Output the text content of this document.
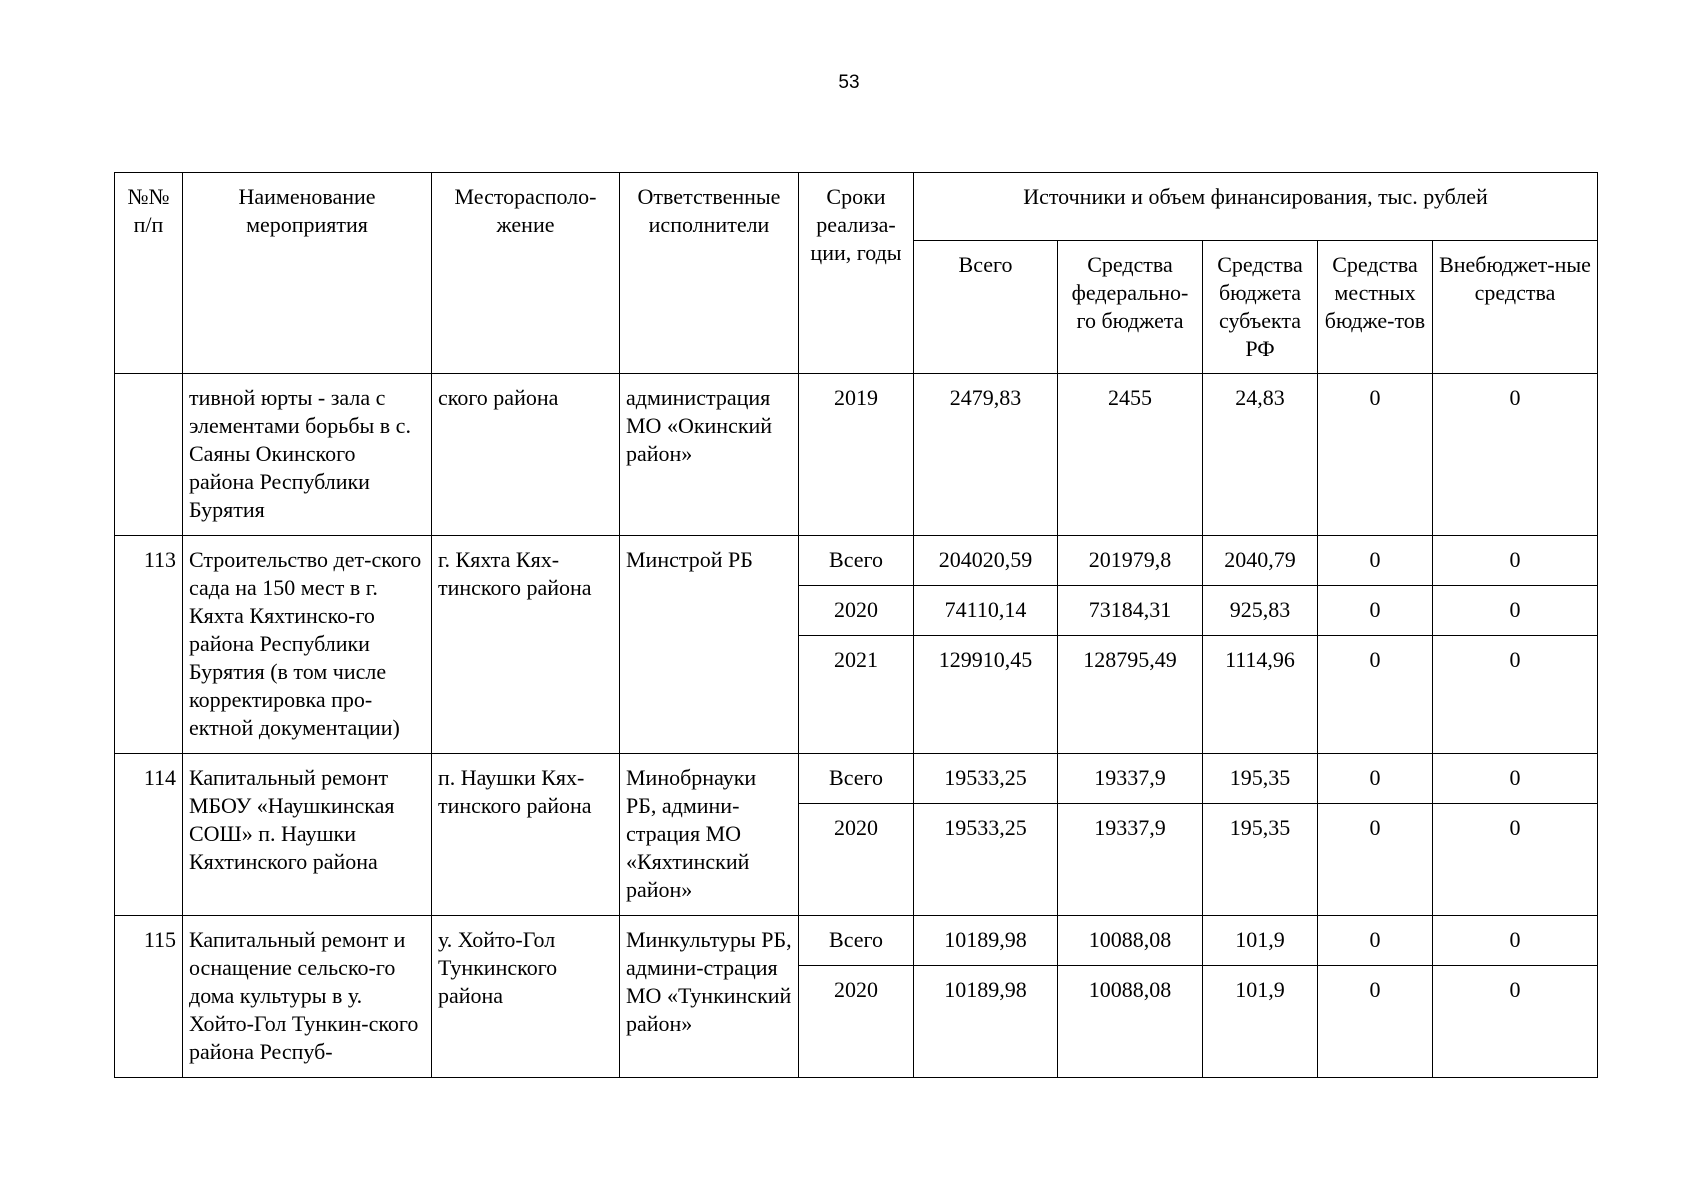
53
№№ п/п	Наименование мероприятия	Месторасполо-жение	Ответственные исполнители	Сроки реализа-ции, годы	Источники и объем финансирования, тыс. рублей				
					Всего	Средства федерально-го бюджета	Средства бюджета субъекта РФ	Средства местных бюдже-тов	Внебюджет-ные средства
	тивной юрты - зала с элементами борьбы в с. Саяны Окинского района Республики Бурятия	ского района	администрация МО «Окинский район»	2019	2479,83	2455	24,83	0	0
113	Строительство дет-ского сада на 150 мест в г. Кяхта Кяхтинско-го района Республики Бурятия (в том числе корректировка про-ектной документации)	г. Кяхта Кях-тинского района	Минстрой РБ	Всего	204020,59	201979,8	2040,79	0	0
				2020	74110,14	73184,31	925,83	0	0
				2021	129910,45	128795,49	1114,96	0	0
114	Капитальный ремонт МБОУ «Наушкинская СОШ» п. Наушки Кяхтинского района	п. Наушки Кях-тинского района	Минобрнауки РБ, админи-страция МО «Кяхтинский район»	Всего	19533,25	19337,9	195,35	0	0
				2020	19533,25	19337,9	195,35	0	0
115	Капитальный ремонт и оснащение сельско-го дома культуры в у. Хойто-Гол Тункин-ского района Респуб-	у. Хойто-Гол Тункинского района	Минкультуры РБ, админи-страция МО «Тункинский район»	Всего	10189,98	10088,08	101,9	0	0
				2020	10189,98	10088,08	101,9	0	0
